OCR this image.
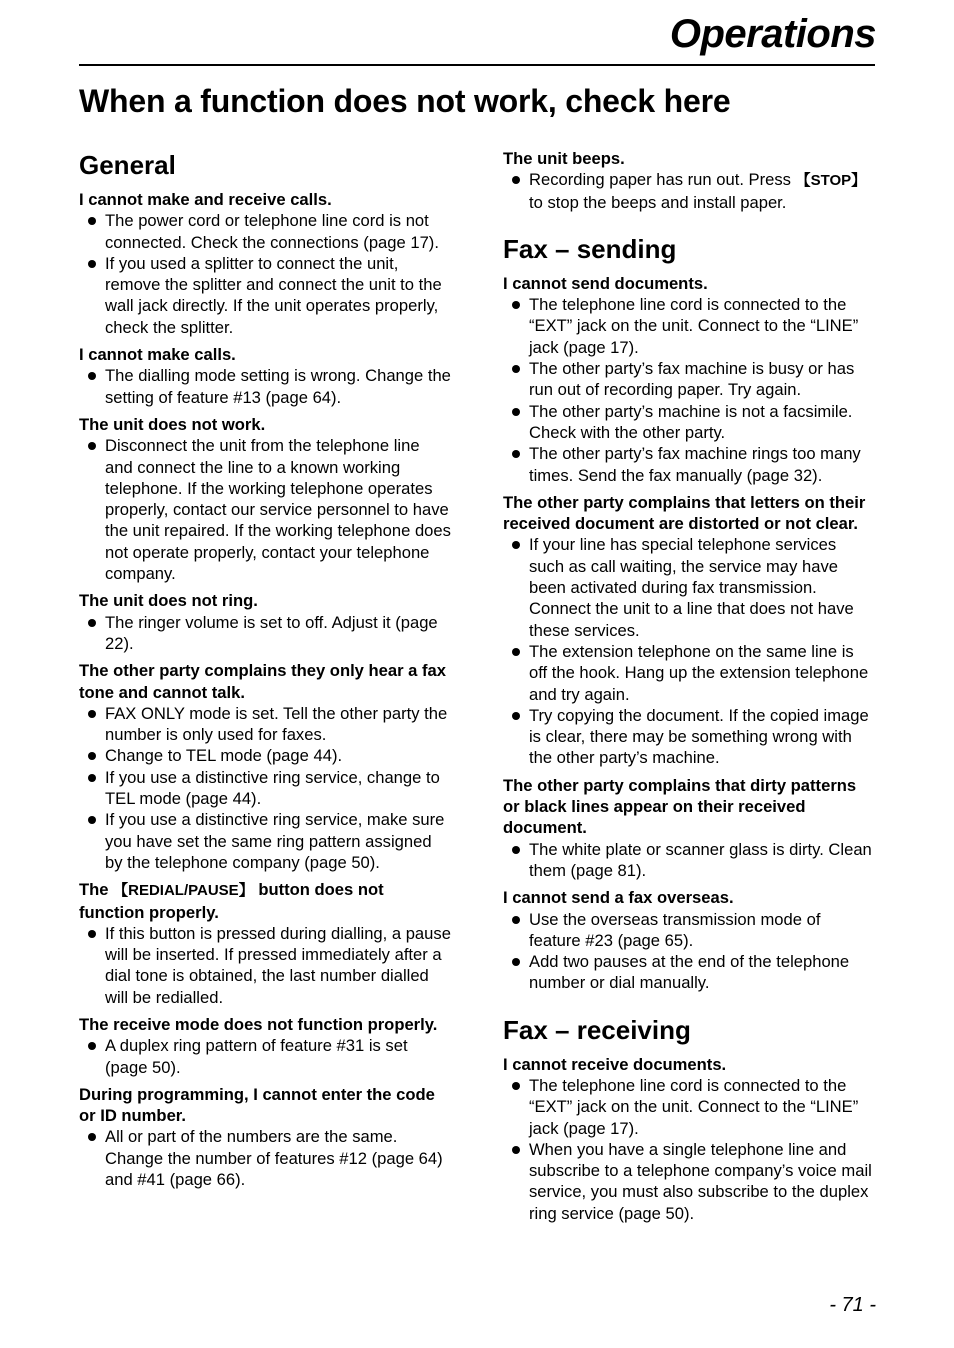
Operations
When a function does not work, check here
General
I cannot make and receive calls.
The power cord or telephone line cord is not connected. Check the connections (page 17).
If you used a splitter to connect the unit, remove the splitter and connect the unit to the wall jack directly. If the unit operates properly, check the splitter.
I cannot make calls.
The dialling mode setting is wrong. Change the setting of feature #13 (page 64).
The unit does not work.
Disconnect the unit from the telephone line and connect the line to a known working telephone. If the working telephone operates properly, contact our service personnel to have the unit repaired. If the working telephone does not operate properly, contact your telephone company.
The unit does not ring.
The ringer volume is set to off. Adjust it (page 22).
The other party complains they only hear a fax tone and cannot talk.
FAX ONLY mode is set. Tell the other party the number is only used for faxes.
Change to TEL mode (page 44).
If you use a distinctive ring service, change to TEL mode (page 44).
If you use a distinctive ring service, make sure you have set the same ring pattern assigned by the telephone company (page 50).
The 【REDIAL/PAUSE】 button does not function properly.
If this button is pressed during dialling, a pause will be inserted. If pressed immediately after a dial tone is obtained, the last number dialled will be redialled.
The receive mode does not function properly.
A duplex ring pattern of feature #31 is set (page 50).
During programming, I cannot enter the code or ID number.
All or part of the numbers are the same. Change the number of features #12 (page 64) and #41 (page 66).
The unit beeps.
Recording paper has run out. Press 【STOP】 to stop the beeps and install paper.
Fax – sending
I cannot send documents.
The telephone line cord is connected to the “EXT” jack on the unit. Connect to the “LINE” jack (page 17).
The other party’s fax machine is busy or has run out of recording paper. Try again.
The other party’s machine is not a facsimile. Check with the other party.
The other party’s fax machine rings too many times. Send the fax manually (page 32).
The other party complains that letters on their received document are distorted or not clear.
If your line has special telephone services such as call waiting, the service may have been activated during fax transmission. Connect the unit to a line that does not have these services.
The extension telephone on the same line is off the hook. Hang up the extension telephone and try again.
Try copying the document. If the copied image is clear, there may be something wrong with the other party’s machine.
The other party complains that dirty patterns or black lines appear on their received document.
The white plate or scanner glass is dirty. Clean them (page 81).
I cannot send a fax overseas.
Use the overseas transmission mode of feature #23 (page 65).
Add two pauses at the end of the telephone number or dial manually.
Fax – receiving
I cannot receive documents.
The telephone line cord is connected to the “EXT” jack on the unit. Connect to the “LINE” jack (page 17).
When you have a single telephone line and subscribe to a telephone company’s voice mail service, you must also subscribe to the duplex ring service (page 50).
- 71 -
